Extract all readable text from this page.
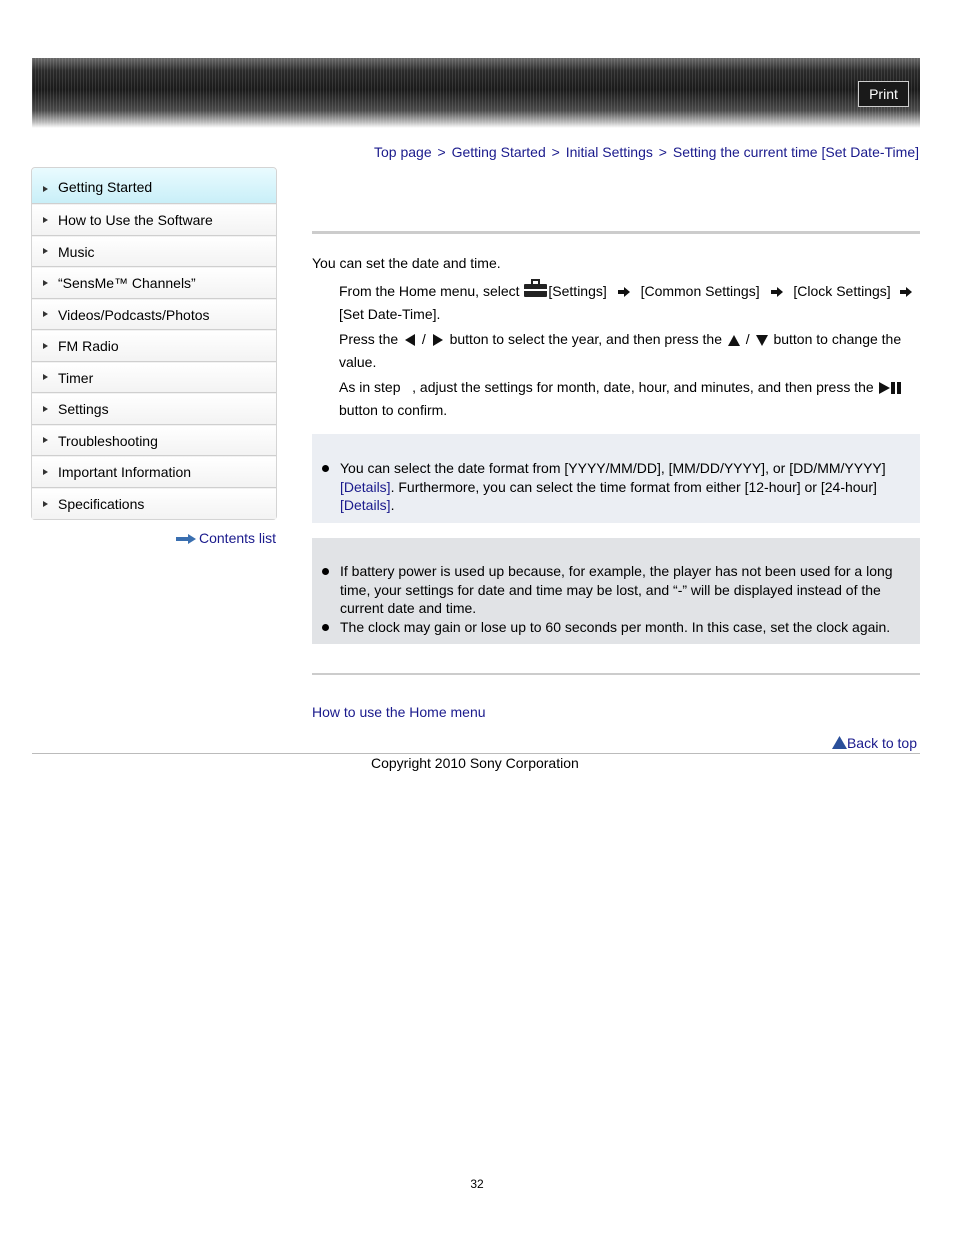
Print
Top page > Getting Started > Initial Settings > Setting the current time [Set Date-Time]
Getting Started
How to Use the Software
Music
“SensMe™ Channels”
Videos/Podcasts/Photos
FM Radio
Timer
Settings
Troubleshooting
Important Information
Specifications
Contents list
You can set the date and time.
From the Home menu, select [Settings] [Common Settings] [Clock Settings]
[Set Date-Time].
Press the / button to select the year, and then press the / button to change the value.
As in step , adjust the settings for month, date, hour, and minutes, and then press the
button to confirm.
You can select the date format from [YYYY/MM/DD], [MM/DD/YYYY], or [DD/MM/YYYY]
[Details]. Furthermore, you can select the time format from either [12-hour] or [24-hour]
[Details].
If battery power is used up because, for example, the player has not been used for a long time, your settings for date and time may be lost, and “-” will be displayed instead of the current date and time.
The clock may gain or lose up to 60 seconds per month. In this case, set the clock again.
How to use the Home menu
Back to top
Copyright 2010 Sony Corporation
32
